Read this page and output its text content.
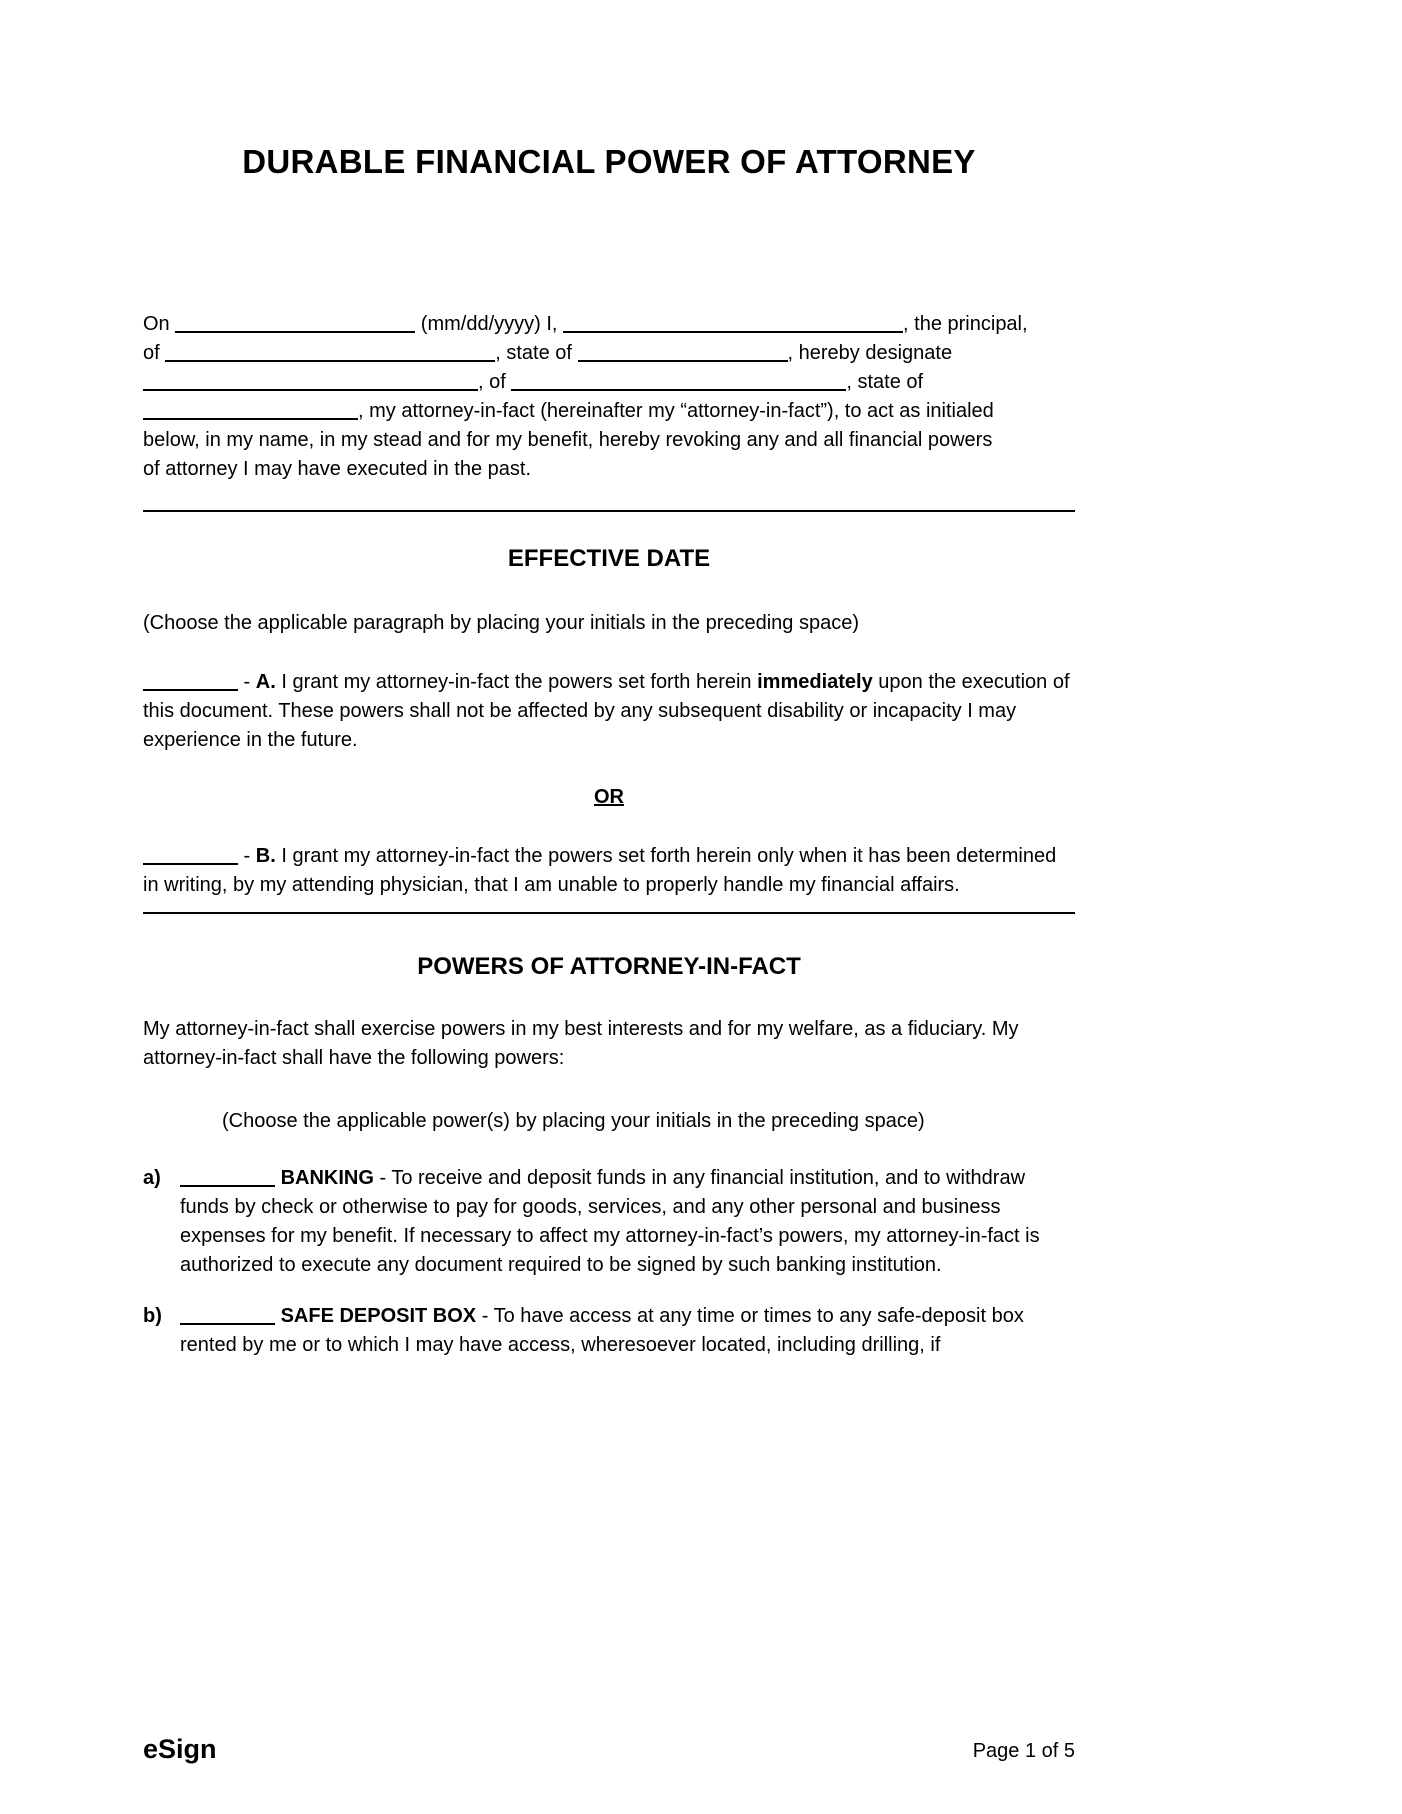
DURABLE FINANCIAL POWER OF ATTORNEY
On	(mm/dd/yyyy) I,	, the principal,
of	, state of	, hereby designate
, of	, state of
, my attorney-in-fact (hereinafter my “attorney-in-fact”), to act as initialed
below, in my name, in my stead and for my benefit, hereby revoking any and all financial powers
of attorney I may have executed in the past.
EFFECTIVE DATE

(Choose the applicable paragraph by placing your initials in the preceding space)

- A. I grant my attorney-in-fact the powers set forth herein immediately upon the execution of this document. These powers shall not be affected by any subsequent disability or incapacity I may experience in the future.

OR

- B. I grant my attorney-in-fact the powers set forth herein only when it has been determined in writing, by my attending physician, that I am unable to properly handle my financial affairs.

POWERS OF ATTORNEY-IN-FACT

My attorney-in-fact shall exercise powers in my best interests and for my welfare, as a fiduciary. My attorney-in-fact shall have the following powers:

(Choose the applicable power(s) by placing your initials in the preceding space)

a)	BANKING - To receive and deposit funds in any financial institution, and to withdraw funds by check or otherwise to pay for goods, services, and any other personal and business expenses for my benefit. If necessary to affect my attorney-in-fact’s powers, my attorney-in-fact is authorized to execute any document required to be signed by such banking institution.
b)	SAFE DEPOSIT BOX - To have access at any time or times to any safe-deposit box rented by me or to which I may have access, wheresoever located, including drilling, if
eSign	Page 1 of 5
